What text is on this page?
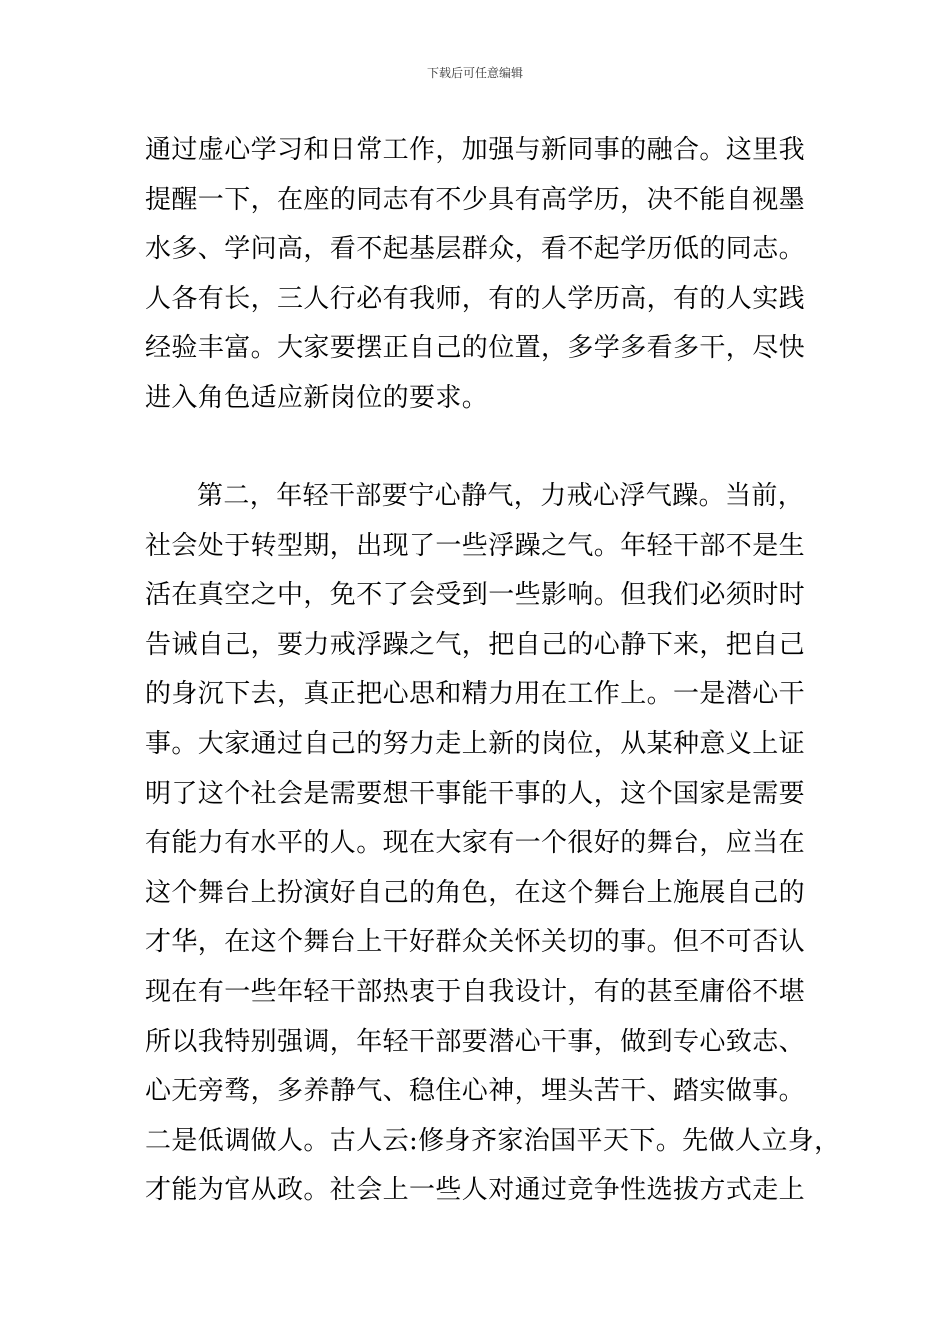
下载后可任意编辑

通过虚心学习和日常工作，加强与新同事的融合。这里我
提醒一下，在座的同志有不少具有高学历，决不能自视墨
水多、学问高，看不起基层群众，看不起学历低的同志。
人各有长，三人行必有我师，有的人学历高，有的人实践
经验丰富。大家要摆正自己的位置，多学多看多干，尽快
进入角色适应新岗位的要求。

第二，年轻干部要宁心静气，力戒心浮气躁。当前，
社会处于转型期，出现了一些浮躁之气。年轻干部不是生
活在真空之中，免不了会受到一些影响。但我们必须时时
告诫自己，要力戒浮躁之气，把自己的心静下来，把自己
的身沉下去，真正把心思和精力用在工作上。一是潜心干
事。大家通过自己的努力走上新的岗位，从某种意义上证
明了这个社会是需要想干事能干事的人，这个国家是需要
有能力有水平的人。现在大家有一个很好的舞台，应当在
这个舞台上扮演好自己的角色，在这个舞台上施展自己的
才华，在这个舞台上干好群众关怀关切的事。但不可否认
现在有一些年轻干部热衷于自我设计，有的甚至庸俗不堪
所以我特别强调，年轻干部要潜心干事，做到专心致志、
心无旁骛，多养静气、稳住心神，埋头苦干、踏实做事。
二是低调做人。古人云:修身齐家治国平天下。先做人立身，
才能为官从政。社会上一些人对通过竞争性选拔方式走上
